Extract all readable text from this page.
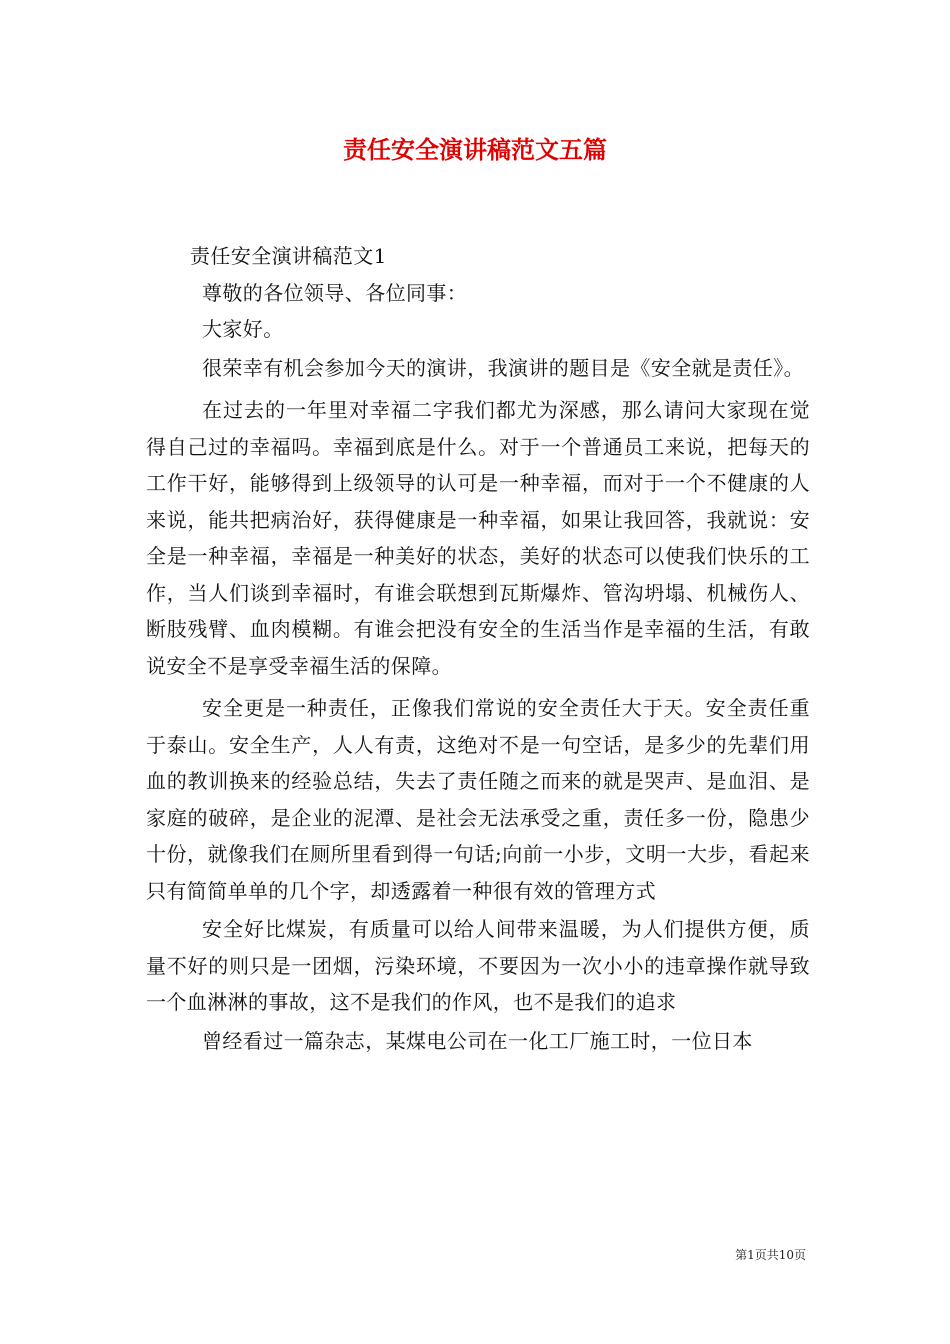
责任安全演讲稿范文五篇

责任安全演讲稿范文1

尊敬的各位领导、各位同事：

大家好。

很荣幸有机会参加今天的演讲，我演讲的题目是《安全就是责任》。

在过去的一年里对幸福二字我们都尤为深感，那么请问大家现在觉得自己过的幸福吗。幸福到底是什么。对于一个普通员工来说，把每天的工作干好，能够得到上级领导的认可是一种幸福，而对于一个不健康的人来说，能共把病治好，获得健康是一种幸福，如果让我回答，我就说：安全是一种幸福，幸福是一种美好的状态，美好的状态可以使我们快乐的工作，当人们谈到幸福时，有谁会联想到瓦斯爆炸、管沟坍塌、机械伤人、断肢残臂、血肉模糊。有谁会把没有安全的生活当作是幸福的生活，有敢说安全不是享受幸福生活的保障。

安全更是一种责任，正像我们常说的安全责任大于天。安全责任重于泰山。安全生产，人人有责，这绝对不是一句空话，是多少的先辈们用血的教训换来的经验总结，失去了责任随之而来的就是哭声、是血泪、是家庭的破碎，是企业的泥潭、是社会无法承受之重，责任多一份，隐患少十份，就像我们在厕所里看到得一句话;向前一小步，文明一大步，看起来只有简简单单的几个字，却透露着一种很有效的管理方式

安全好比煤炭，有质量可以给人间带来温暖，为人们提供方便，质量不好的则只是一团烟，污染环境，不要因为一次小小的违章操作就导致一个血淋淋的事故，这不是我们的作风，也不是我们的追求

曾经看过一篇杂志，某煤电公司在一化工厂施工时，一位日本

第1页共10页
